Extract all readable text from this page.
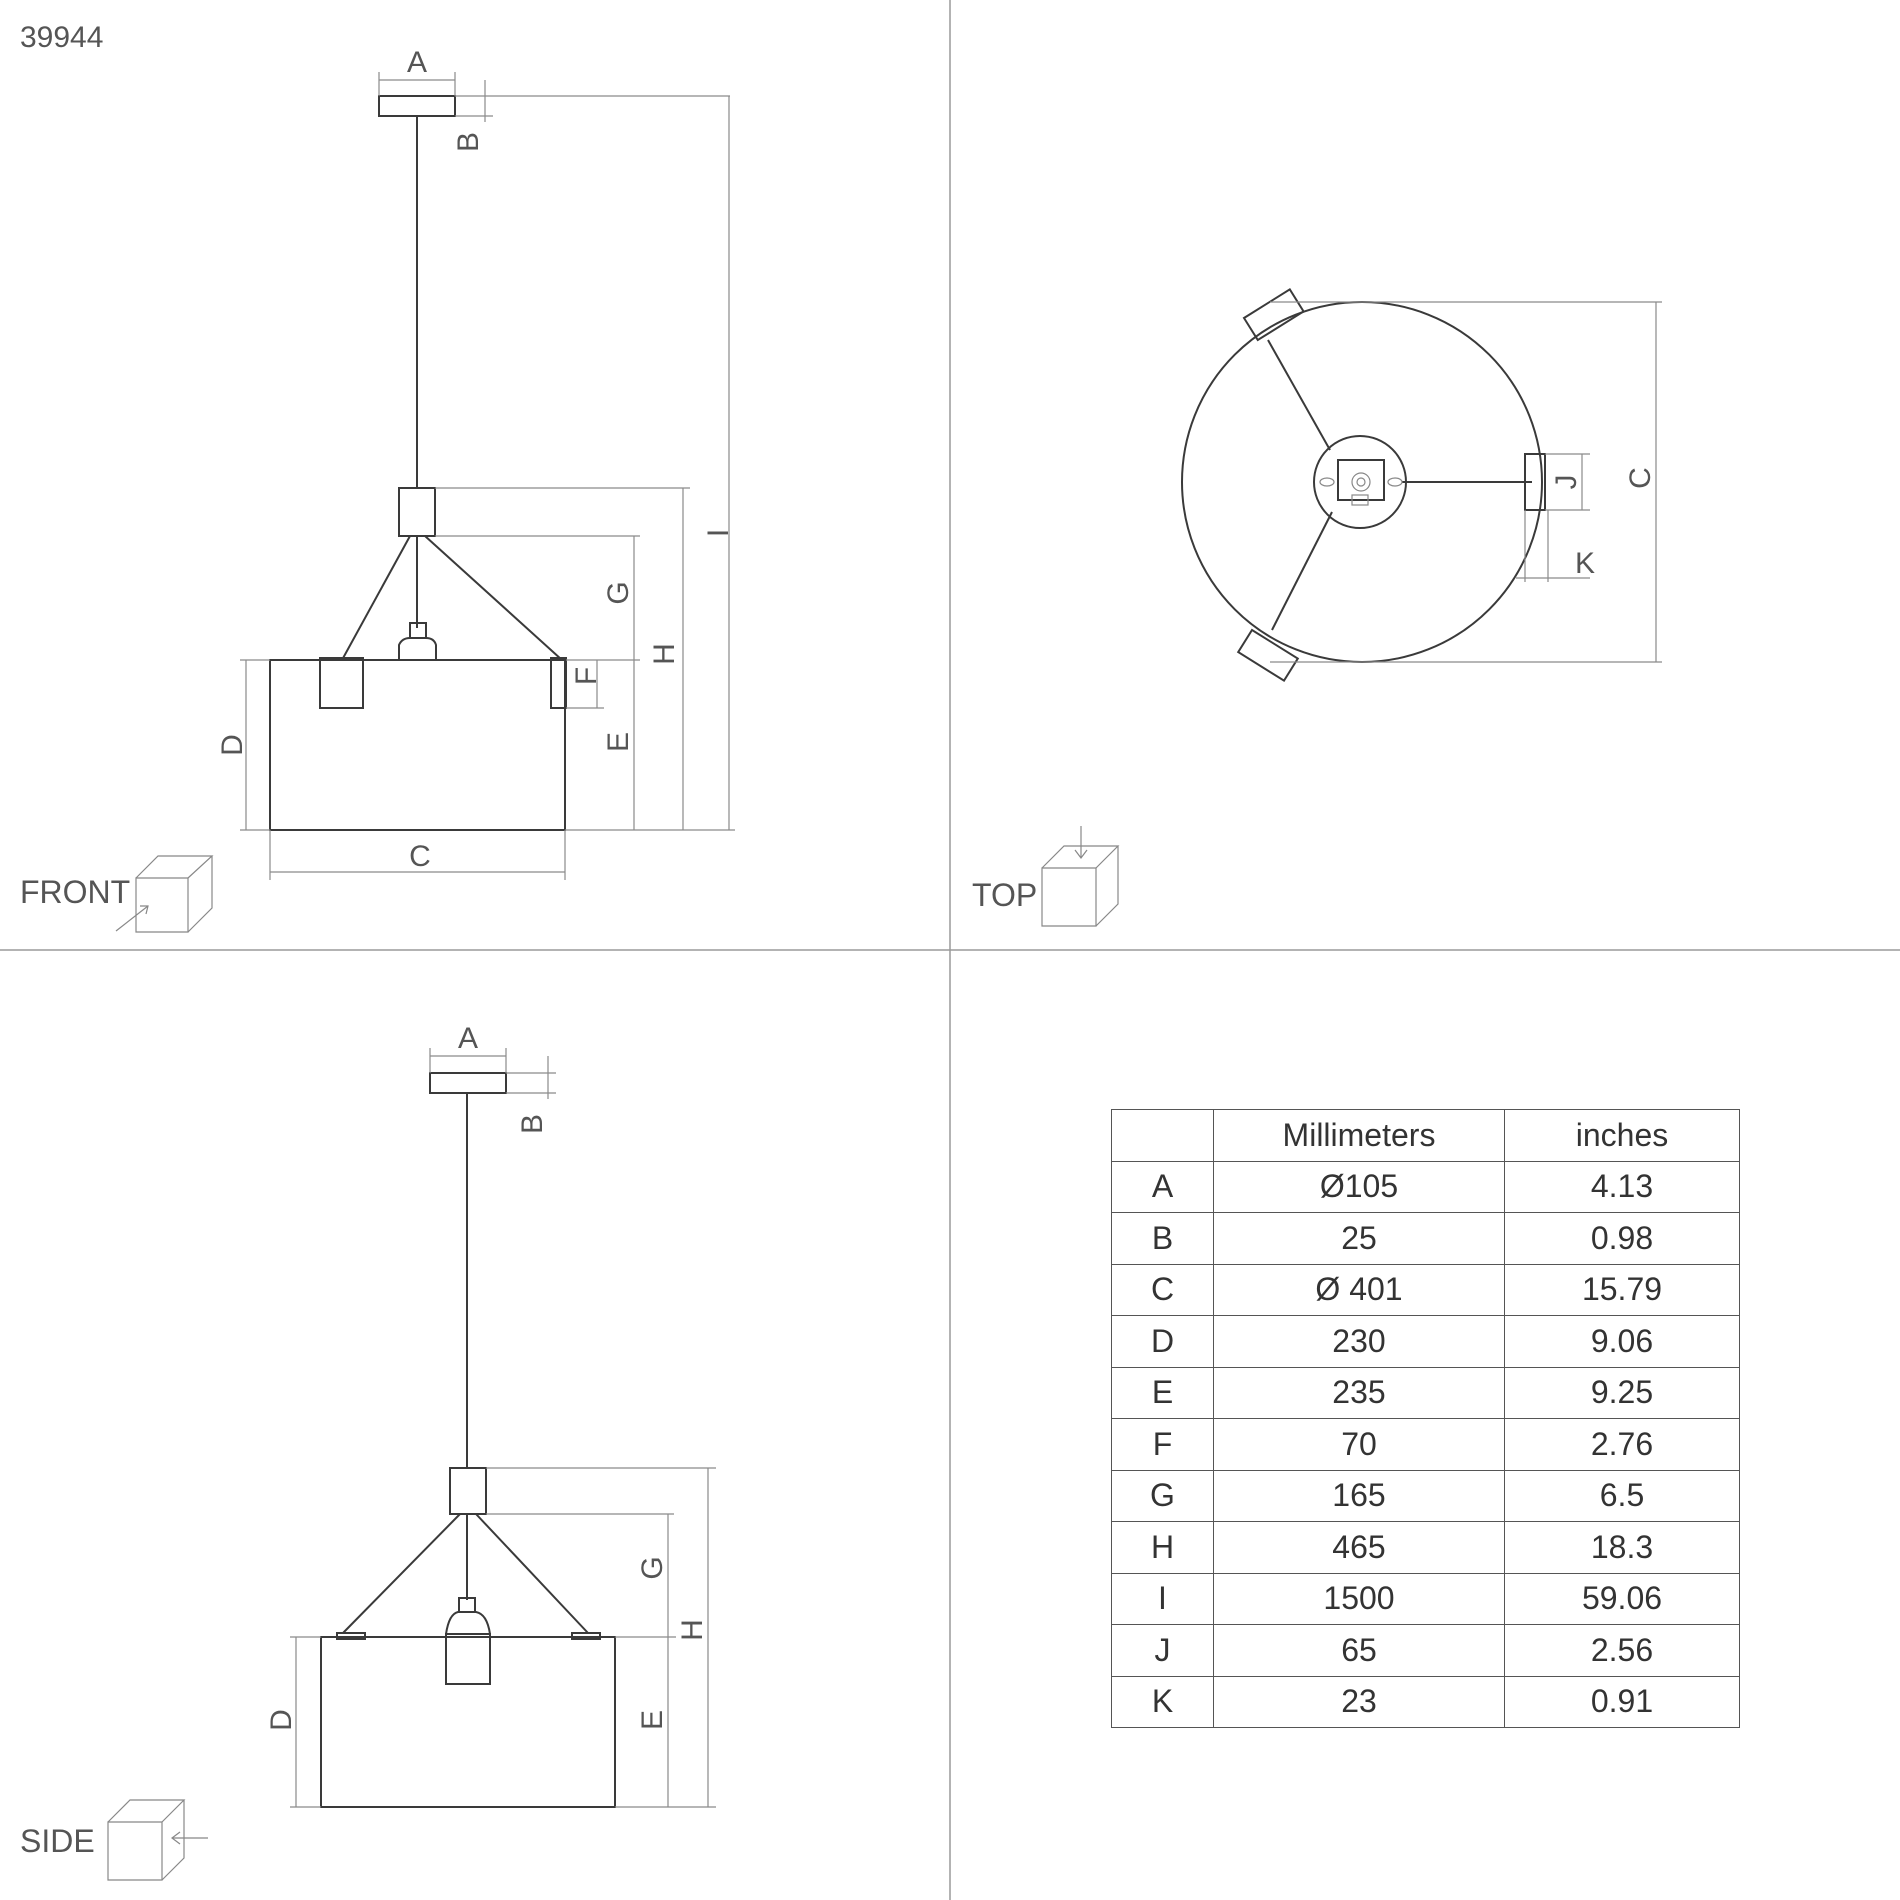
39944
A
B
I
H
G
F
E
D
C
FRONT
C
J
K
TOP
A
B
H
G
E
D
SIDE
	Millimeters	inches
A	Ø105	4.13
B	25	0.98
C	Ø 401	15.79
D	230	9.06
E	235	9.25
F	70	2.76
G	165	6.5
H	465	18.3
I	1500	59.06
J	65	2.56
K	23	0.91
